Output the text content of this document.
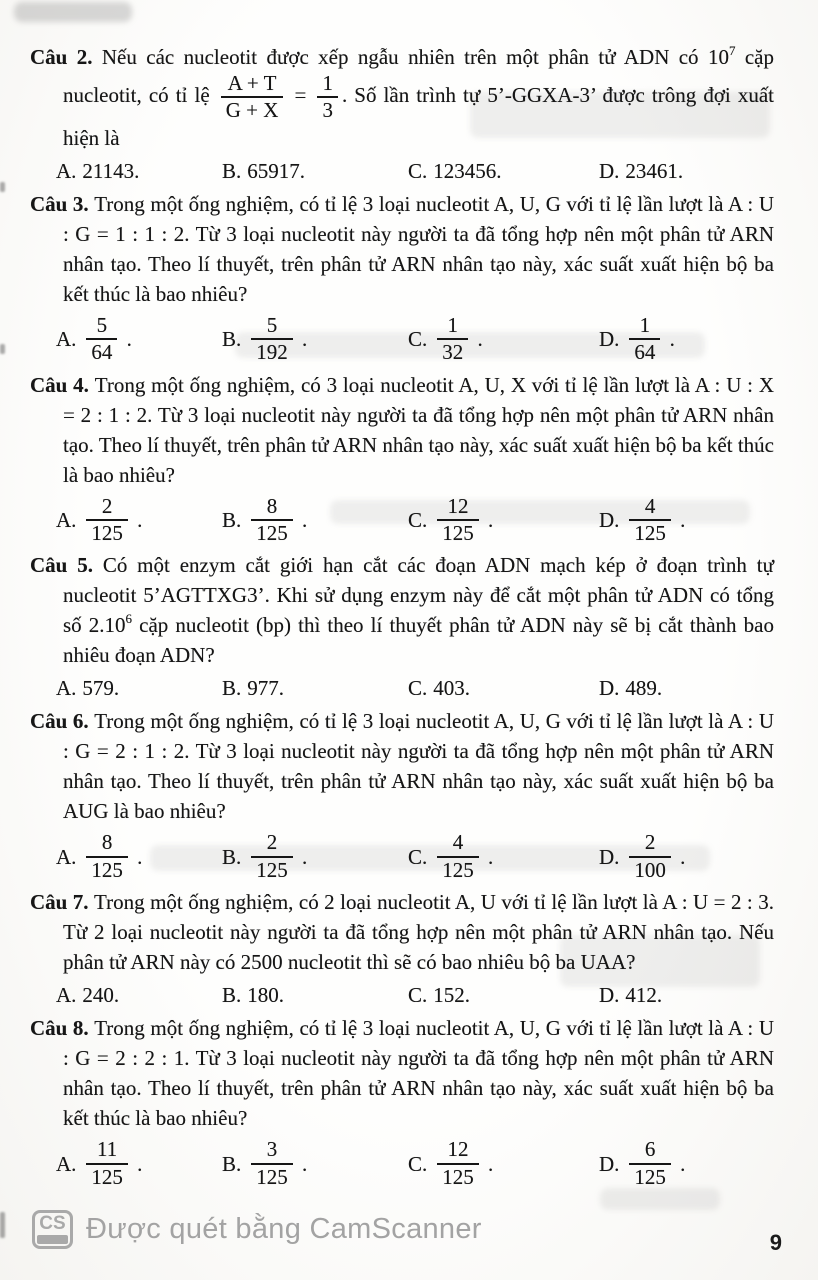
Câu 2. Nếu các nucleotit được xếp ngẫu nhiên trên một phân tử ADN có $10^7$ cặp nucleotit, có tỉ lệ $\frac{A + T}{G + X} = \frac{1}{3}$ . Số lần trình tự 5’-GGXA-3’ được trông đợi xuất hiện là

A. 21143.	B. 65917.	C. 123456.	D. 23461.

Câu 3. Trong một ống nghiệm, có tỉ lệ 3 loại nucleotit A, U, G với tỉ lệ lần lượt là A : U : G = 1 : 1 : 2. Từ 3 loại nucleotit này người ta đã tổng hợp nên một phân tử ARN nhân tạo. Theo lí thuyết, trên phân tử ARN nhân tạo này, xác suất xuất hiện bộ ba kết thúc là bao nhiêu?

A. $\frac{5}{64}$ .	B. $\frac{5}{192}$ .	C. $\frac{1}{32}$ .	D. $\frac{1}{64}$ .

Câu 4. Trong một ống nghiệm, có 3 loại nucleotit A, U, X với tỉ lệ lần lượt là A : U : X = 2 : 1 : 2. Từ 3 loại nucleotit này người ta đã tổng hợp nên một phân tử ARN nhân tạo. Theo lí thuyết, trên phân tử ARN nhân tạo này, xác suất xuất hiện bộ ba kết thúc là bao nhiêu?

A. $\frac{2}{125}$ .	B. $\frac{8}{125}$ .	C. $\frac{12}{125}$ .	D. $\frac{4}{125}$ .

Câu 5. Có một enzym cắt giới hạn cắt các đoạn ADN mạch kép ở đoạn trình tự nucleotit 5’AGTTXG3’. Khi sử dụng enzym này để cắt một phân tử ADN có tổng số 2.10$^6$ cặp nucleotit (bp) thì theo lí thuyết phân tử ADN này sẽ bị cắt thành bao nhiêu đoạn ADN?

A. 579.	B. 977.	C. 403.	D. 489.

Câu 6. Trong một ống nghiệm, có tỉ lệ 3 loại nucleotit A, U, G với tỉ lệ lần lượt là A : U : G = 2 : 1 : 2. Từ 3 loại nucleotit này người ta đã tổng hợp nên một phân tử ARN nhân tạo. Theo lí thuyết, trên phân tử ARN nhân tạo này, xác suất xuất hiện bộ ba AUG là bao nhiêu?

A. $\frac{8}{125}$ .	B. $\frac{2}{125}$ .	C. $\frac{4}{125}$ .	D. $\frac{2}{100}$ .

Câu 7. Trong một ống nghiệm, có 2 loại nucleotit A, U với tỉ lệ lần lượt là A : U = 2 : 3. Từ 2 loại nucleotit này người ta đã tổng hợp nên một phân tử ARN nhân tạo. Nếu phân tử ARN này có 2500 nucleotit thì sẽ có bao nhiêu bộ ba UAA?

A. 240.	B. 180.	C. 152.	D. 412.

Câu 8. Trong một ống nghiệm, có tỉ lệ 3 loại nucleotit A, U, G với tỉ lệ lần lượt là A : U : G = 2 : 2 : 1. Từ 3 loại nucleotit này người ta đã tổng hợp nên một phân tử ARN nhân tạo. Theo lí thuyết, trên phân tử ARN nhân tạo này, xác suất xuất hiện bộ ba kết thúc là bao nhiêu?

A. $\frac{11}{125}$ .	B. $\frac{3}{125}$ .	C. $\frac{12}{125}$ .	D. $\frac{6}{125}$ .
CS Được quét bằng CamScanner	9
